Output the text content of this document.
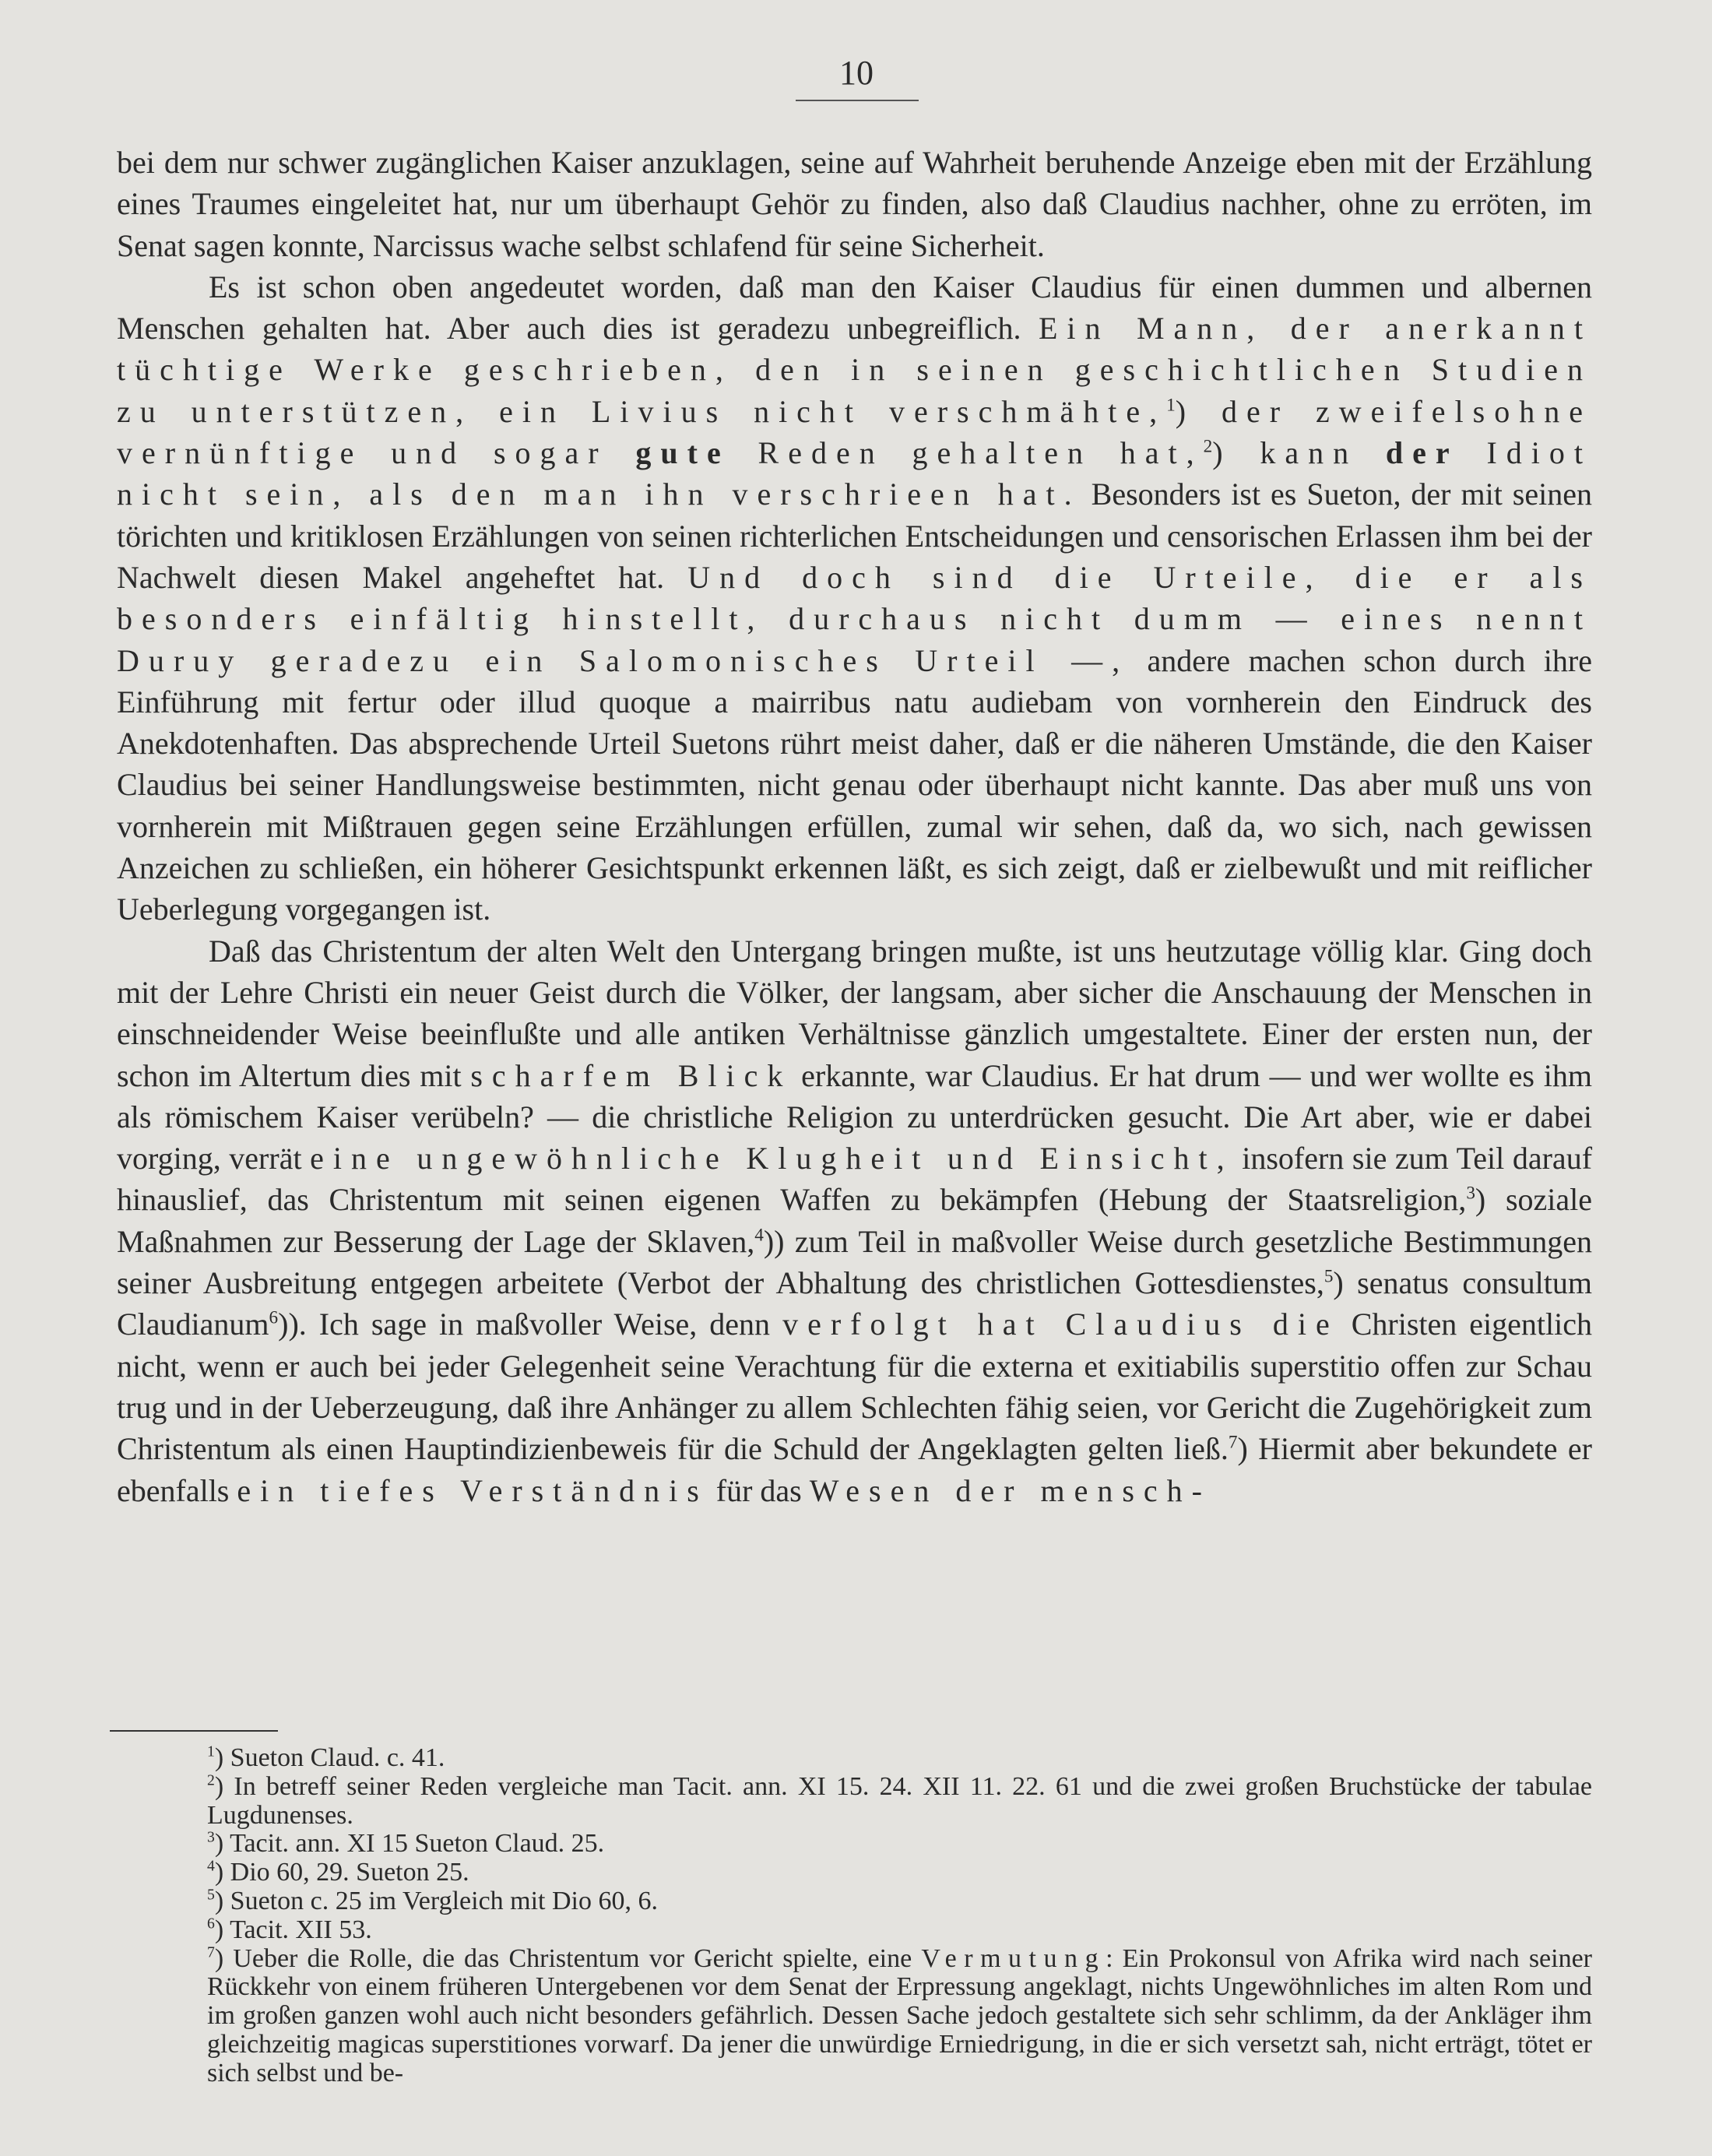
10

bei dem nur schwer zugänglichen Kaiser anzuklagen, seine auf Wahrheit beruhende Anzeige eben mit der Erzählung eines Traumes eingeleitet hat, nur um überhaupt Gehör zu finden, also daß Claudius nachher, ohne zu erröten, im Senat sagen konnte, Narcissus wache selbst schlafend für seine Sicherheit.

Es ist schon oben angedeutet worden, daß man den Kaiser Claudius für einen dummen und albernen Menschen gehalten hat. Aber auch dies ist geradezu unbegreiflich. Ein Mann, der anerkannt tüchtige Werke geschrieben, den in seinen geschichtlichen Studien zu unterstützen, ein Livius nicht verschmähte,$^1$) der zweifelsohne vernünftige und sogar gute Reden gehalten hat,$^2$) kann der Idiot nicht sein, als den man ihn verschrieen hat. Besonders ist es Sueton, der mit seinen törichten und kritiklosen Erzählungen von seinen richterlichen Entscheidungen und censorischen Erlassen ihm bei der Nachwelt diesen Makel angeheftet hat. Und doch sind die Urteile, die er als besonders einfältig hinstellt, durchaus nicht dumm — eines nennt Duruy geradezu ein Salomonisches Urteil —, andere machen schon durch ihre Einführung mit fertur oder illud quoque a mairribus natu audiebam von vornherein den Eindruck des Anekdotenhaften. Das absprechende Urteil Suetons rührt meist daher, daß er die näheren Umstände, die den Kaiser Claudius bei seiner Handlungsweise bestimmten, nicht genau oder überhaupt nicht kannte. Das aber muß uns von vornherein mit Mißtrauen gegen seine Erzählungen erfüllen, zumal wir sehen, daß da, wo sich, nach gewissen Anzeichen zu schließen, ein höherer Gesichtspunkt erkennen läßt, es sich zeigt, daß er zielbewußt und mit reiflicher Ueberlegung vorgegangen ist.

Daß das Christentum der alten Welt den Untergang bringen mußte, ist uns heutzutage völlig klar. Ging doch mit der Lehre Christi ein neuer Geist durch die Völker, der langsam, aber sicher die Anschauung der Menschen in einschneidender Weise beeinflußte und alle antiken Verhältnisse gänzlich umgestaltete. Einer der ersten nun, der schon im Altertum dies mit scharfem Blick erkannte, war Claudius. Er hat drum — und wer wollte es ihm als römischem Kaiser verübeln? — die christliche Religion zu unterdrücken gesucht. Die Art aber, wie er dabei vorging, verrät eine ungewöhnliche Klugheit und Einsicht, insofern sie zum Teil darauf hinauslief, das Christentum mit seinen eigenen Waffen zu bekämpfen (Hebung der Staatsreligion,$^3$) soziale Maßnahmen zur Besserung der Lage der Sklaven,$^4$)) zum Teil in maßvoller Weise durch gesetzliche Bestimmungen seiner Ausbreitung entgegen arbeitete (Verbot der Abhaltung des christlichen Gottesdienstes,$^5$) senatus consultum Claudianum$^6$)). Ich sage in maßvoller Weise, denn verfolgt hat Claudius die Christen eigentlich nicht, wenn er auch bei jeder Gelegenheit seine Verachtung für die externa et exitiabilis superstitio offen zur Schau trug und in der Ueberzeugung, daß ihre Anhänger zu allem Schlechten fähig seien, vor Gericht die Zugehörigkeit zum Christentum als einen Hauptindizienbeweis für die Schuld der Angeklagten gelten ließ.$^7$) Hiermit aber bekundete er ebenfalls ein tiefes Verständnis für das Wesen der mensch-

$^1$) Sueton Claud. c. 41.

$^2$) In betreff seiner Reden vergleiche man Tacit. ann. XI 15. 24. XII 11. 22. 61 und die zwei großen Bruchstücke der tabulae Lugdunenses.

$^3$) Tacit. ann. XI 15 Sueton Claud. 25.

$^4$) Dio 60, 29. Sueton 25.

$^5$) Sueton c. 25 im Vergleich mit Dio 60, 6.

$^6$) Tacit. XII 53.

$^7$) Ueber die Rolle, die das Christentum vor Gericht spielte, eine Vermutung: Ein Prokonsul von Afrika wird nach seiner Rückkehr von einem früheren Untergebenen vor dem Senat der Erpressung angeklagt, nichts Ungewöhnliches im alten Rom und im großen ganzen wohl auch nicht besonders gefährlich. Dessen Sache jedoch gestaltete sich sehr schlimm, da der Ankläger ihm gleichzeitig magicas superstitiones vorwarf. Da jener die unwürdige Erniedrigung, in die er sich versetzt sah, nicht erträgt, tötet er sich selbst und be-
